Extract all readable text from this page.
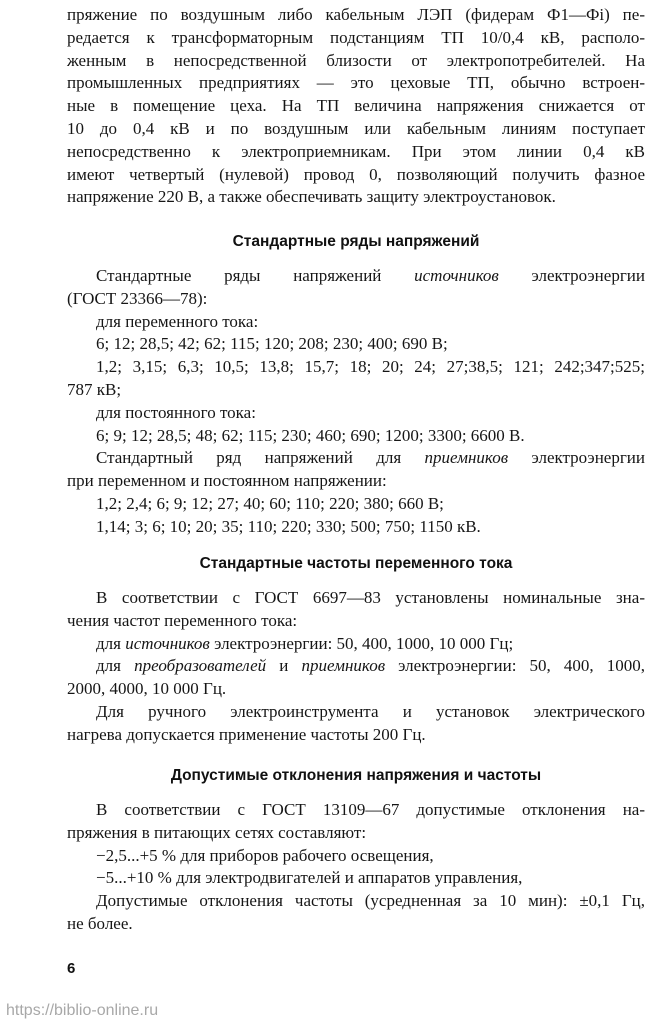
пряжение по воздушным либо кабельным ЛЭП (фидерам Ф1—Фi) пе-
редается к трансформаторным подстанциям ТП 10/0,4 кВ, располо-
женным в непосредственной близости от электропотребителей. На
промышленных предприятиях — это цеховые ТП, обычно встроен-
ные в помещение цеха. На ТП величина напряжения снижается от
10 до 0,4 кВ и по воздушным или кабельным линиям поступает
непосредственно к электроприемникам. При этом линии 0,4 кВ
имеют четвертый (нулевой) провод 0, позволяющий получить фазное
напряжение 220 В, а также обеспечивать защиту электроустановок.
Стандартные ряды напряжений
Стандартные ряды напряжений источников электроэнергии
(ГОСТ 23366—78):
для переменного тока:
6; 12; 28,5; 42; 62; 115; 120; 208; 230; 400; 690 В;
1,2; 3,15; 6,3; 10,5; 13,8; 15,7; 18; 20; 24; 27;38,5; 121; 242;347;525;
787 кВ;
для постоянного тока:
6; 9; 12; 28,5; 48; 62; 115; 230; 460; 690; 1200; 3300; 6600 В.
Стандартный ряд напряжений для приемников электроэнергии
при переменном и постоянном напряжении:
1,2; 2,4; 6; 9; 12; 27; 40; 60; 110; 220; 380; 660 В;
1,14; 3; 6; 10; 20; 35; 110; 220; 330; 500; 750; 1150 кВ.
Стандартные частоты переменного тока
В соответствии с ГОСТ 6697—83 установлены номинальные зна-
чения частот переменного тока:
для источников электроэнергии: 50, 400, 1000, 10 000 Гц;
для преобразователей и приемников электроэнергии: 50, 400, 1000,
2000, 4000, 10 000 Гц.
Для ручного электроинструмента и установок электрического
нагрева допускается применение частоты 200 Гц.
Допустимые отклонения напряжения и частоты
В соответствии с ГОСТ 13109—67 допустимые отклонения на-
пряжения в питающих сетях составляют:
−2,5...+5 % для приборов рабочего освещения,
−5...+10 % для электродвигателей и аппаратов управления,
Допустимые отклонения частоты (усредненная за 10 мин): ±0,1 Гц,
не более.
6
https://biblio-online.ru
